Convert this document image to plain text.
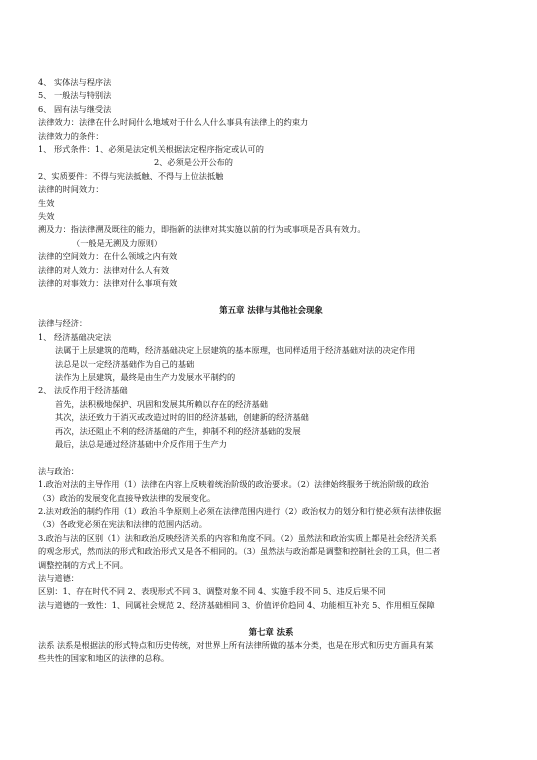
4、 实体法与程序法
5、 一般法与特别法
6、 固有法与继受法
法律效力：法律在什么时间什么地域对于什么人什么事具有法律上的约束力
法律效力的条件：
1、 形式条件：1、必须是法定机关根据法定程序指定或认可的
2、必须是公开公布的
2、实质要件：不得与宪法抵触、不得与上位法抵触
法律的时间效力：
生效
失效
溯及力：指法律溯及既往的能力，即指新的法律对其实施以前的行为或事项是否具有效力。
（一般是无溯及力原则）
法律的空间效力：在什么领域之内有效
法律的对人效力：法律对什么人有效
法律的对事效力：法律对什么事项有效
第五章 法律与其他社会现象
法律与经济：
1、 经济基础决定法
法属于上层建筑的范畴，经济基础决定上层建筑的基本原理，也同样适用于经济基础对法的决定作用
法总是以一定经济基础作为自己的基础
法作为上层建筑，最终是由生产力发展水平制约的
2、 法反作用于经济基础
首先，法积极地保护、巩固和发展其所赖以存在的经济基础
其次，法还致力于消灭或改造过时的旧的经济基础，创建新的经济基础
再次，法还阻止不利的经济基础的产生，抑制不利的经济基础的发展
最后，法总是通过经济基础中介反作用于生产力
法与政治：
1.政治对法的主导作用（1）法律在内容上反映着统治阶级的政治要求。（2）法律始终服务于统治阶级的政治
（3）政治的发展变化直接导致法律的发展变化。
2.法对政治的制约作用（1）政治斗争原则上必须在法律范围内进行（2）政治权力的划分和行使必须有法律依据
（3）各政党必须在宪法和法律的范围内活动。
3.政治与法的区别（1）法和政治反映经济关系的内容和角度不同。（2）虽然法和政治实质上都是社会经济关系
的观念形式，然而法的形式和政治形式又是各不相同的。（3）虽然法与政治都是调整和控制社会的工具，但二者
调整控制的方式上不同。
法与道德：
区别：1、存在时代不同 2、表现形式不同 3、调整对象不同 4、实施手段不同 5、违反后果不同
法与道德的一致性：1、同属社会规范 2、经济基础相同 3、价值评价趋同 4、功能相互补充 5、作用相互保障
第七章 法系
法系 法系是根据法的形式特点和历史传统，对世界上所有法律所做的基本分类，也是在形式和历史方面具有某
些共性的国家和地区的法律的总称。
